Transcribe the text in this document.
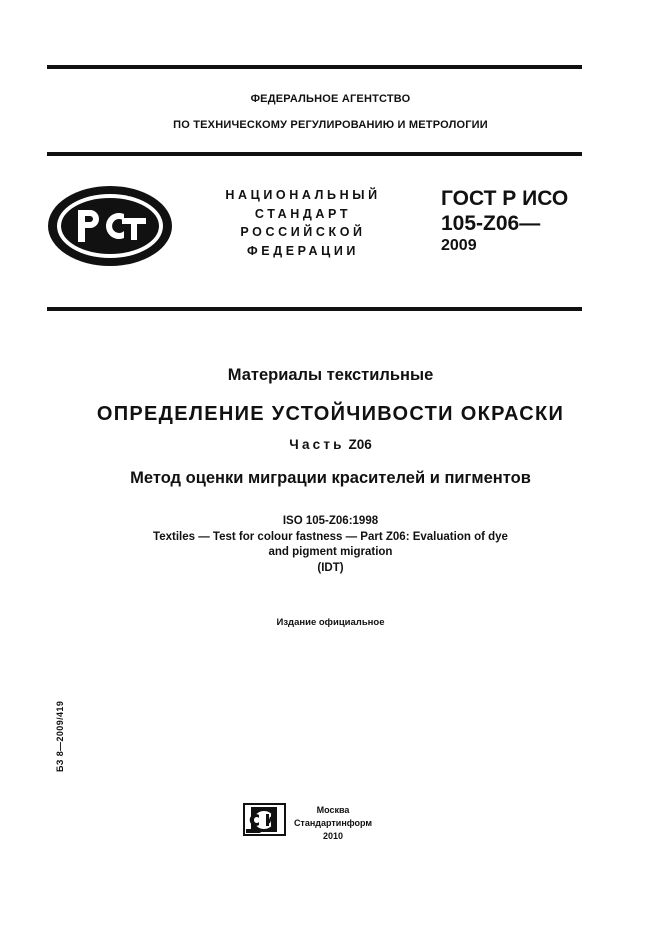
ФЕДЕРАЛЬНОЕ АГЕНТСТВО
ПО ТЕХНИЧЕСКОМУ РЕГУЛИРОВАНИЮ И МЕТРОЛОГИИ
НАЦИОНАЛЬНЫЙ
СТАНДАРТ
РОССИЙСКОЙ
ФЕДЕРАЦИИ
ГОСТ Р ИСО
105-Z06—
2009
Материалы текстильные
ОПРЕДЕЛЕНИЕ УСТОЙЧИВОСТИ ОКРАСКИ
Часть Z06
Метод оценки миграции красителей и пигментов
ISO 105-Z06:1998
Textiles — Test for colour fastness — Part Z06: Evaluation of dye
and pigment migration
(IDT)
Издание официальное
БЗ 8—2009/419
Москва
Стандартинформ
2010
